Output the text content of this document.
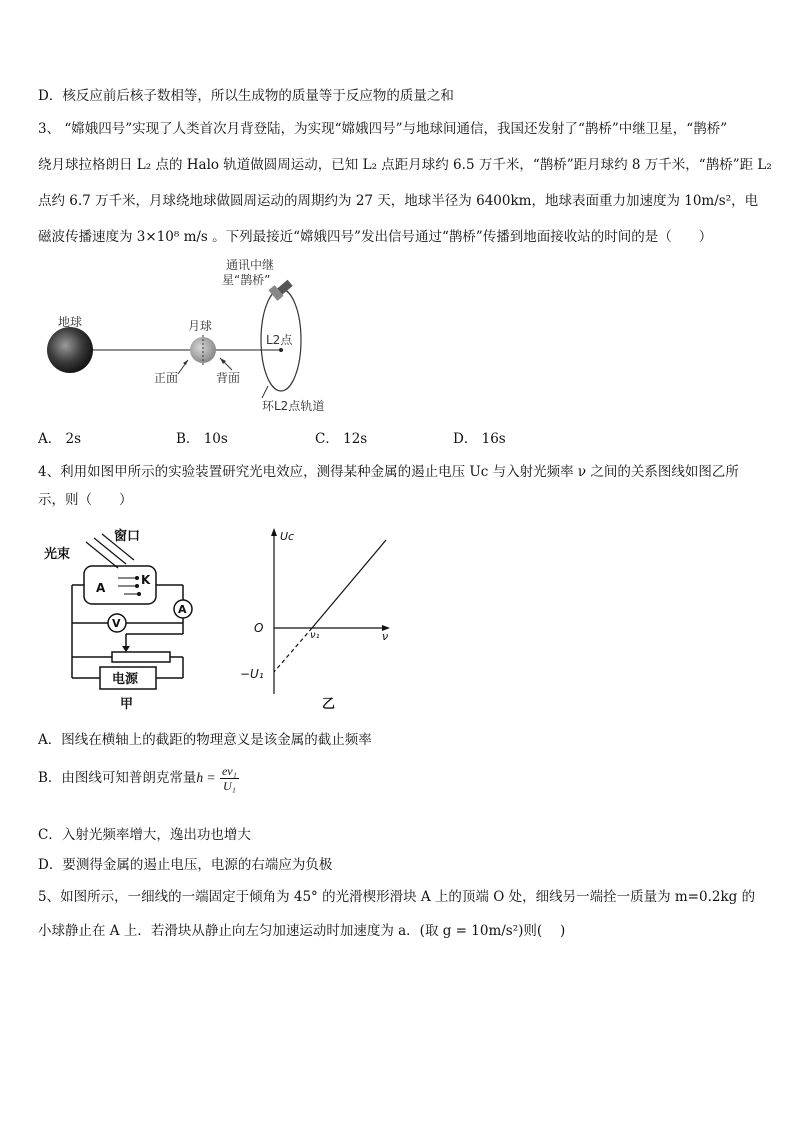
D．核反应前后核子数相等，所以生成物的质量等于反应物的质量之和
3、 “嫦娥四号”实现了人类首次月背登陆，为实现“嫦娥四号”与地球间通信，我国还发射了“鹊桥”中继卫星，“鹊桥”
绕月球拉格朗日 L₂ 点的 Halo 轨道做圆周运动，已知 L₂ 点距月球约 6.5 万千米，“鹊桥”距月球约 8 万千米，“鹊桥”距 L₂
点约 6.7 万千米，月球绕地球做圆周运动的周期约为 27 天，地球半径为 6400km，地球表面重力加速度为 10m/s²，电
磁波传播速度为 3×10⁸ m/s 。下列最接近“嫦娥四号”发出信号通过“鹊桥”传播到地面接收站的时间的是（　　）
地球	月球
正面	背面
L2点
通讯中继
星“鹊桥”
环L2点轨道
A． 2s	B． 10s	C． 12s	D． 16s
4、利用如图甲所示的实验装置研究光电效应，测得某种金属的遏止电压 Uc 与入射光频率 ν 之间的关系图线如图乙所
示，则（　　）
窗口
光束
A
K
A
V
电源
甲
Uc
ν
O
ν₁
−U₁
乙
A．图线在横轴上的截距的物理意义是该金属的截止频率
B．由图线可知普朗克常量$h = \frac{\text{eν₁}}{\text{U₁}}$
C．入射光频率增大，逸出功也增大
D．要测得金属的遏止电压，电源的右端应为负极
5、如图所示，一细线的一端固定于倾角为 45° 的光滑楔形滑块 A 上的顶端 O 处，细线另一端拴一质量为 m=0.2kg 的
小球静止在 A 上．若滑块从静止向左匀加速运动时加速度为 a．(取 g = 10m/s²)则(　 )
